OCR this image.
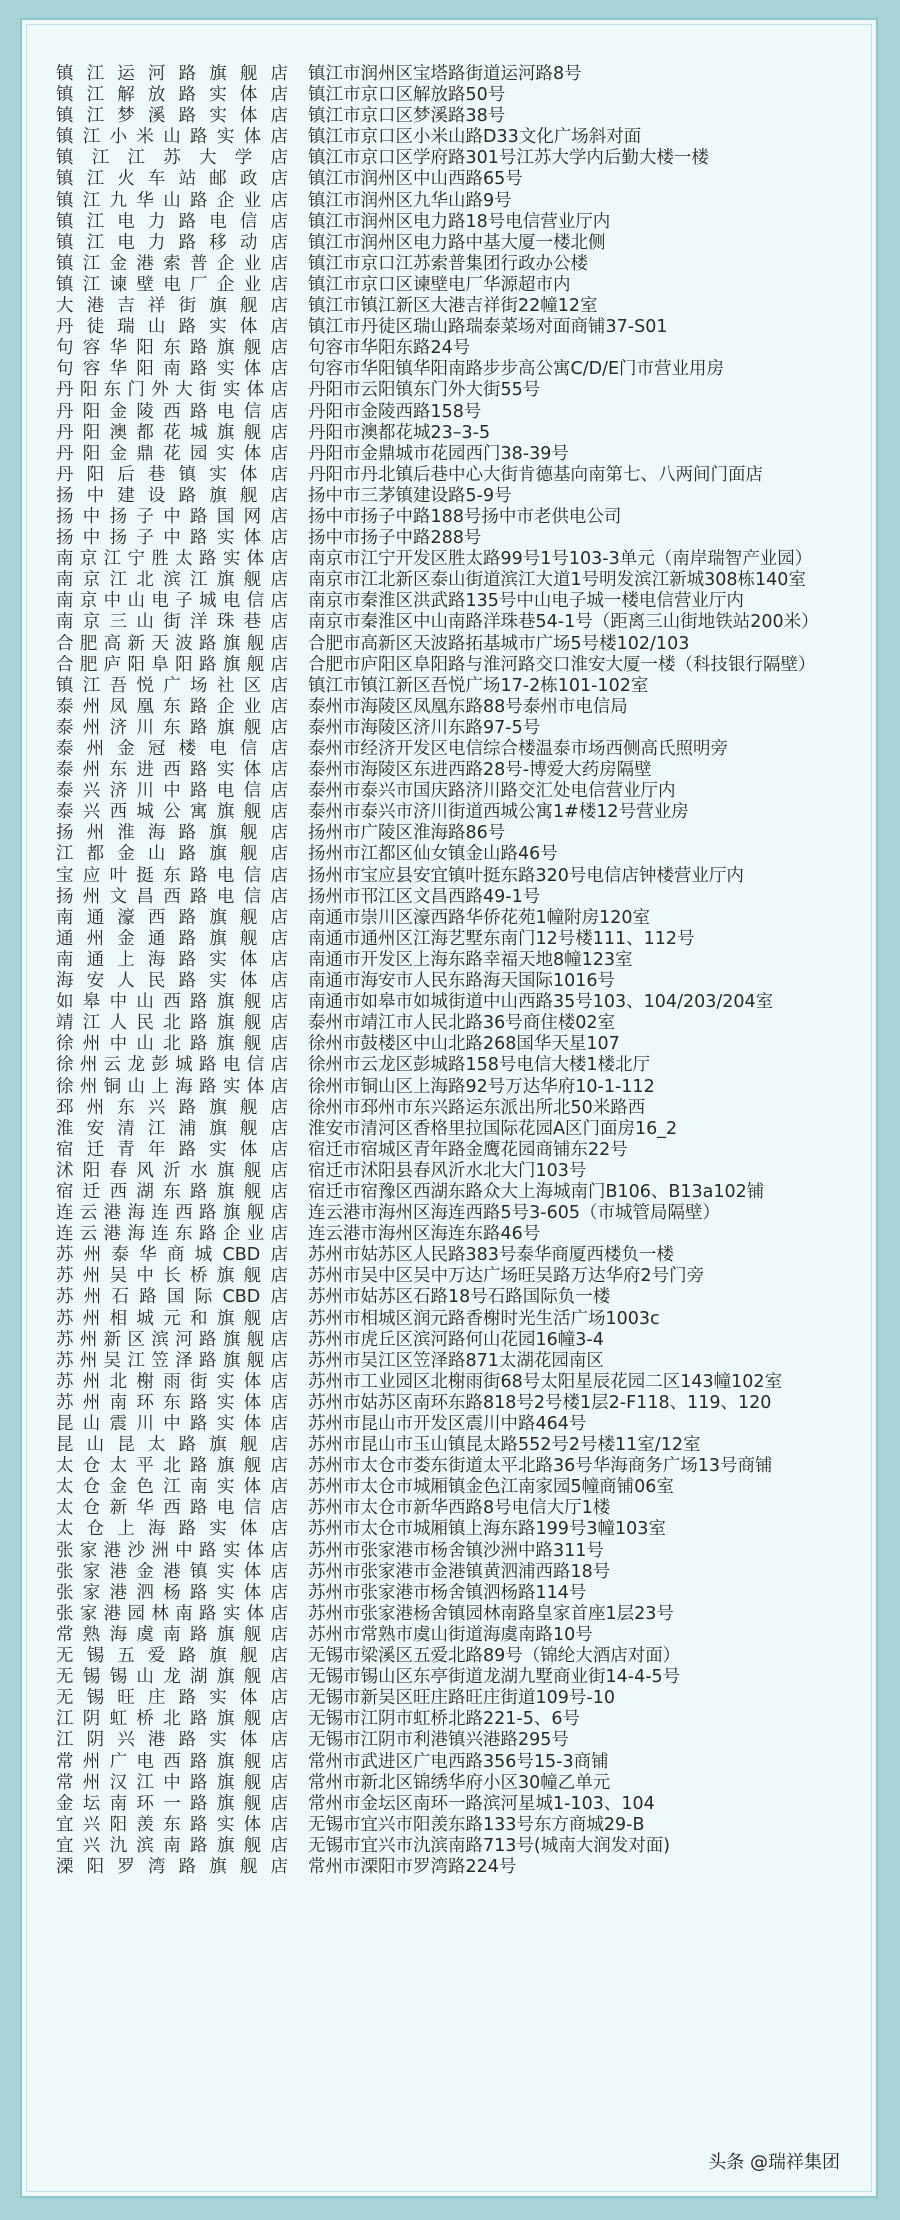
镇江运河路旗舰店 镇江市润州区宝塔路街道运河路8号
镇江解放路实体店 镇江市京口区解放路50号
镇江梦溪路实体店 镇江市京口区梦溪路38号
镇江小米山路实体店 镇江市京口区小米山路D33文化广场斜对面
镇江江苏大学店 镇江市京口区学府路301号江苏大学内后勤大楼一楼
镇江火车站邮政店 镇江市润州区中山西路65号
镇江九华山路企业店 镇江市润州区九华山路9号
镇江电力路电信店 镇江市润州区电力路18号电信营业厅内
镇江电力路移动店 镇江市润州区电力路中基大厦一楼北侧
镇江金港索普企业店 镇江市京口江苏索普集团行政办公楼
镇江谏壁电厂企业店 镇江市京口区谏壁电厂华源超市内
大港吉祥街旗舰店 镇江市镇江新区大港吉祥街22幢12室
丹徒瑞山路实体店 镇江市丹徒区瑞山路瑞泰菜场对面商铺37-S01
句容华阳东路旗舰店 句容市华阳东路24号
句容华阳南路实体店 句容市华阳镇华阳南路步步高公寓C/D/E门市营业用房
丹阳东门外大街实体店 丹阳市云阳镇东门外大街55号
丹阳金陵西路电信店 丹阳市金陵西路158号
丹阳澳都花城旗舰店 丹阳市澳都花城23–3-5
丹阳金鼎花园实体店 丹阳市金鼎城市花园西门38-39号
丹阳后巷镇实体店 丹阳市丹北镇后巷中心大街肯德基向南第七、八两间门面店
扬中建设路旗舰店 扬中市三茅镇建设路5-9号
扬中扬子中路国网店 扬中市扬子中路188号扬中市老供电公司
扬中扬子中路实体店 扬中市扬子中路288号
南京江宁胜太路实体店 南京市江宁开发区胜太路99号1号103-3单元（南岸瑞智产业园）
南京江北滨江旗舰店 南京市江北新区泰山街道滨江大道1号明发滨江新城308栋140室
南京中山电子城电信店 南京市秦淮区洪武路135号中山电子城一楼电信营业厅内
南京三山街洋珠巷店 南京市秦淮区中山南路洋珠巷54-1号（距离三山街地铁站200米）
合肥高新天波路旗舰店 合肥市高新区天波路拓基城市广场5号楼102/103
合肥庐阳阜阳路旗舰店 合肥市庐阳区阜阳路与淮河路交口淮安大厦一楼（科技银行隔壁）
镇江吾悦广场社区店 镇江市镇江新区吾悦广场17-2栋101-102室
泰州凤凰东路企业店 泰州市海陵区凤凰东路88号泰州市电信局
泰州济川东路旗舰店 泰州市海陵区济川东路97-5号
泰州金冠楼电信店 泰州市经济开发区电信综合楼温泰市场西侧高氏照明旁
泰州东进西路实体店 泰州市海陵区东进西路28号-博爱大药房隔壁
泰兴济川中路电信店 泰州市泰兴市国庆路济川路交汇处电信营业厅内
泰兴西城公寓旗舰店 泰州市泰兴市济川街道西城公寓1#楼12号营业房
扬州淮海路旗舰店 扬州市广陵区淮海路86号
江都金山路旗舰店 扬州市江都区仙女镇金山路46号
宝应叶挺东路电信店 扬州市宝应县安宜镇叶挺东路320号电信店钟楼营业厅内
扬州文昌西路电信店 扬州市邗江区文昌西路49-1号
南通濠西路旗舰店 南通市崇川区濠西路华侨花苑1幢附房120室
通州金通路旗舰店 南通市通州区江海艺墅东南门12号楼111、112号
南通上海路实体店 南通市开发区上海东路幸福天地8幢123室
海安人民路实体店 南通市海安市人民东路海天国际1016号
如皋中山西路旗舰店 南通市如皋市如城街道中山西路35号103、104/203/204室
靖江人民北路旗舰店 泰州市靖江市人民北路36号商住楼02室
徐州中山北路旗舰店 徐州市鼓楼区中山北路268国华天星107
徐州云龙彭城路电信店 徐州市云龙区彭城路158号电信大楼1楼北厅
徐州铜山上海路实体店 徐州市铜山区上海路92号万达华府10-1-112
邳州东兴路旗舰店 徐州市邳州市东兴路运东派出所北50米路西
淮安清江浦旗舰店 淮安市清河区香格里拉国际花园A区门面房16_2
宿迁青年路实体店 宿迁市宿城区青年路金鹰花园商铺东22号
沭阳春风沂水旗舰店 宿迁市沭阳县春风沂水北大门103号
宿迁西湖东路旗舰店 宿迁市宿豫区西湖东路众大上海城南门B106、B13a102铺
连云港海连西路旗舰店 连云港市海州区海连西路5号3-605（市城管局隔壁）
连云港海连东路企业店 连云港市海州区海连东路46号
苏州泰华商城CBD店 苏州市姑苏区人民路383号泰华商厦西楼负一楼
苏州吴中长桥旗舰店 苏州市吴中区吴中万达广场旺吴路万达华府2号门旁
苏州石路国际CBD店 苏州市姑苏区石路18号石路国际负一楼
苏州相城元和旗舰店 苏州市相城区润元路香榭时光生活广场1003c
苏州新区滨河路旗舰店 苏州市虎丘区滨河路何山花园16幢3-4
苏州吴江笠泽路旗舰店 苏州市吴江区笠泽路871太湖花园南区
苏州北榭雨街实体店 苏州市工业园区北榭雨街68号太阳星辰花园二区143幢102室
苏州南环东路实体店 苏州市姑苏区南环东路818号2号楼1层2-F118、119、120
昆山震川中路实体店 苏州市昆山市开发区震川中路464号
昆山昆太路旗舰店 苏州市昆山市玉山镇昆太路552号2号楼11室/12室
太仓太平北路旗舰店 苏州市太仓市娄东街道太平北路36号华海商务广场13号商铺
太仓金色江南实体店 苏州市太仓市城厢镇金色江南家园5幢商铺06室
太仓新华西路电信店 苏州市太仓市新华西路8号电信大厅1楼
太仓上海路实体店 苏州市太仓市城厢镇上海东路199号3幢103室
张家港沙洲中路实体店 苏州市张家港市杨舍镇沙洲中路311号
张家港金港镇实体店 苏州市张家港市金港镇黄泗浦西路18号
张家港泗杨路实体店 苏州市张家港市杨舍镇泗杨路114号
张家港园林南路实体店 苏州市张家港杨舍镇园林南路皇家首座1层23号
常熟海虞南路旗舰店 苏州市常熟市虞山街道海虞南路10号
无锡五爱路旗舰店 无锡市梁溪区五爱北路89号（锦纶大酒店对面）
无锡锡山龙湖旗舰店 无锡市锡山区东亭街道龙湖九墅商业街14-4-5号
无锡旺庄路实体店 无锡市新吴区旺庄路旺庄街道109号-10
江阴虹桥北路旗舰店 无锡市江阴市虹桥北路221-5、6号
江阴兴港路实体店 无锡市江阴市利港镇兴港路295号
常州广电西路旗舰店 常州市武进区广电西路356号15-3商铺
常州汉江中路旗舰店 常州市新北区锦绣华府小区30幢乙单元
金坛南环一路旗舰店 常州市金坛区南环一路滨河星城1-103、104
宜兴阳羡东路实体店 无锡市宜兴市阳羡东路133号东方商城29-B
宜兴氿滨南路旗舰店 无锡市宜兴市氿滨南路713号(城南大润发对面)
溧阳罗湾路旗舰店 常州市溧阳市罗湾路224号
头条 @瑞祥集团
